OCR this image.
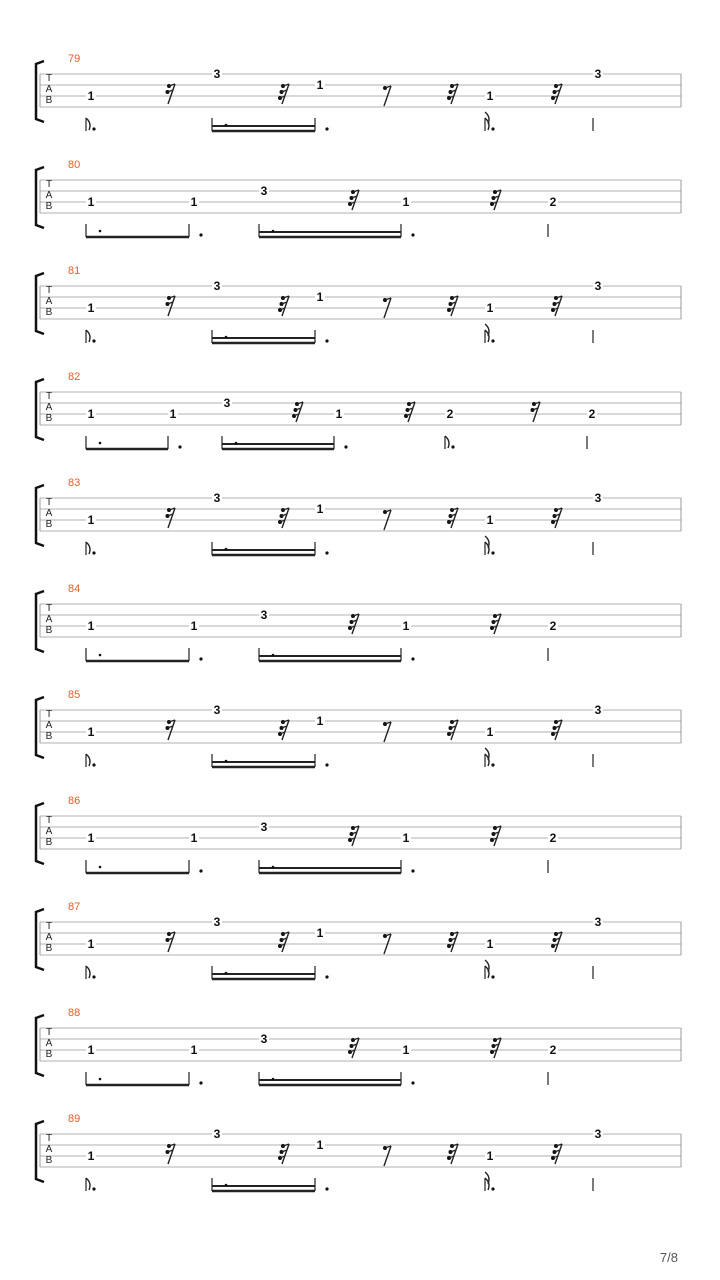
T
A
B
79
1
3
1
1
3
T
A
B
80
1	1
3
1	2
T
A
B
81
1
3
1
1
3
T
A
B
82
1	1
3
1	2	2
T
A
B
83
1
3
1
1
3
T
A
B
84
1	1
3
1	2
T
A
B
85
1
3
1
1
3
T
A
B
86
1	1
3
1	2
T
A
B
87
1
3
1
1
3
T
A
B
88
1	1
3
1	2
T
A
B
89
1
3
1
1
3
7/8
